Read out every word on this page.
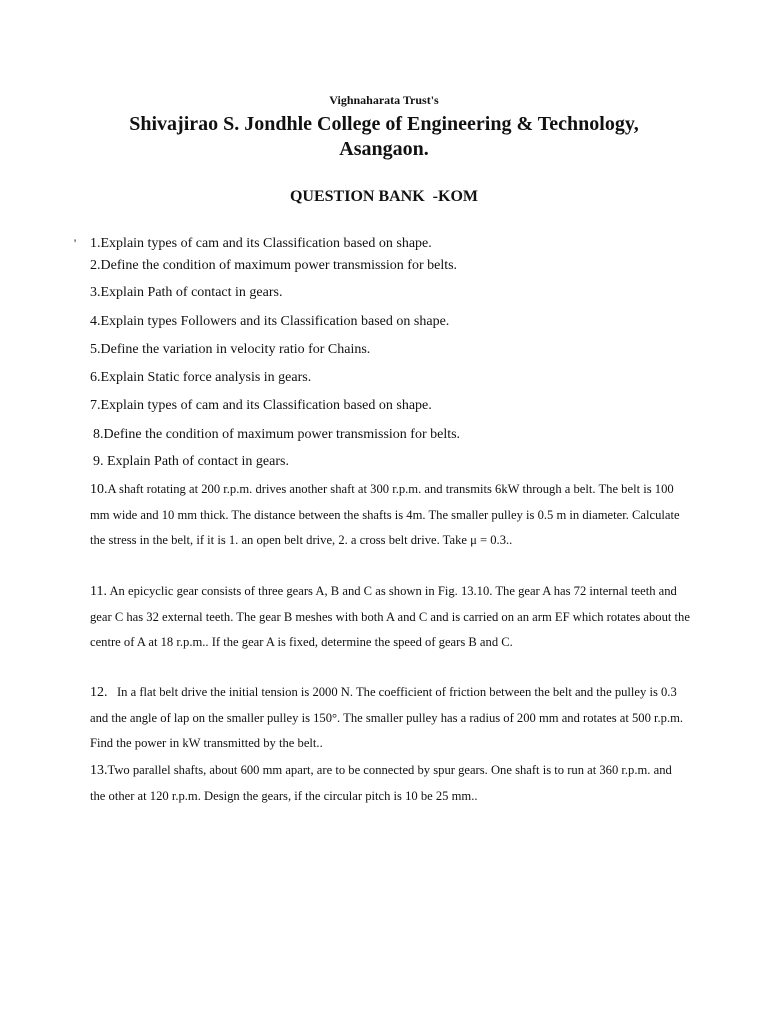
Vighnaharata Trust's
Shivajirao S. Jondhle College of Engineering & Technology,
Asangaon.
QUESTION BANK  -KOM
' 1.Explain types of cam and its Classification based on shape.
2.Define the condition of maximum power transmission for belts.
3.Explain Path of contact in gears.
4.Explain types Followers and its Classification based on shape.
5.Define the variation in velocity ratio for Chains.
6.Explain Static force analysis in gears.
7.Explain types of cam and its Classification based on shape.
8.Define the condition of maximum power transmission for belts.
9. Explain Path of contact in gears.
10.A shaft rotating at 200 r.p.m. drives another shaft at 300 r.p.m. and transmits 6kW through a belt. The belt is 100 mm wide and 10 mm thick. The distance between the shafts is 4m. The smaller pulley is 0.5 m in diameter. Calculate the stress in the belt, if it is 1. an open belt drive, 2. a cross belt drive. Take μ = 0.3..
11. An epicyclic gear consists of three gears A, B and C as shown in Fig. 13.10. The gear A has 72 internal teeth and gear C has 32 external teeth. The gear B meshes with both A and C and is carried on an arm EF which rotates about the centre of A at 18 r.p.m.. If the gear A is fixed, determine the speed of gears B and C.
12.   In a flat belt drive the initial tension is 2000 N. The coefficient of friction between the belt and the pulley is 0.3 and the angle of lap on the smaller pulley is 150°. The smaller pulley has a radius of 200 mm and rotates at 500 r.p.m. Find the power in kW transmitted by the belt..
13.Two parallel shafts, about 600 mm apart, are to be connected by spur gears. One shaft is to run at 360 r.p.m. and the other at 120 r.p.m. Design the gears, if the circular pitch is 10 be 25 mm..
